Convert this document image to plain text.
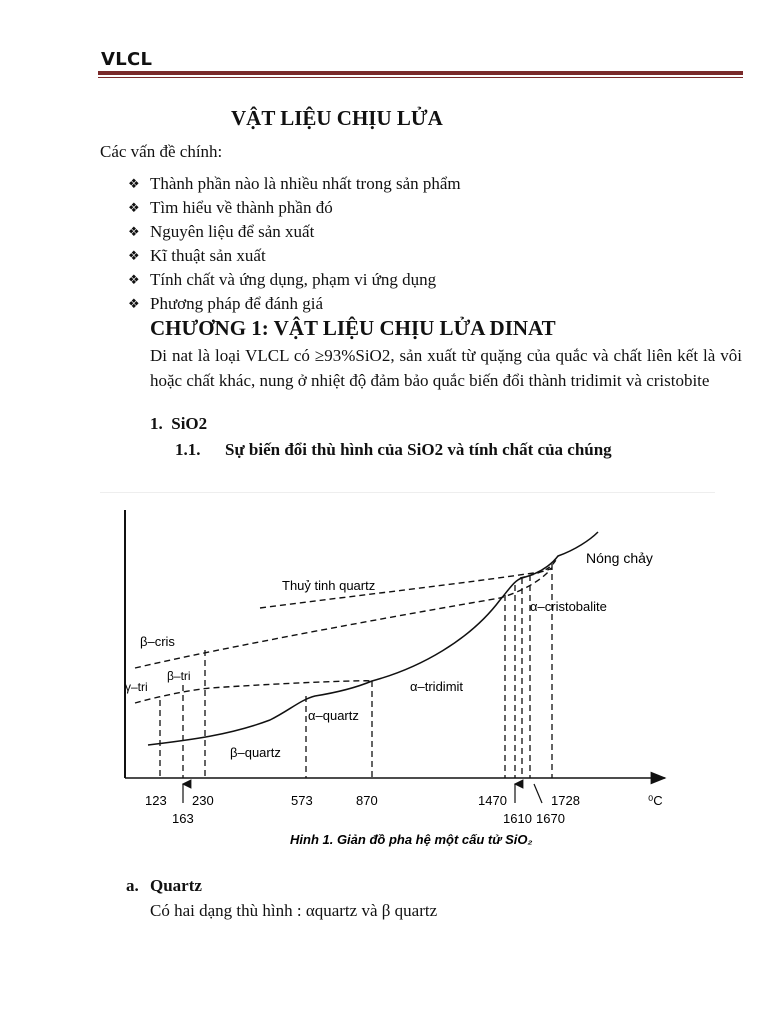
VLCL
VẬT LIỆU CHỊU LỬA
Các vấn đề chính:
❖ Thành phần nào là nhiều nhất trong sản phẩm
❖ Tìm hiểu về thành phần đó
❖ Nguyên liệu để sản xuất
❖ Kĩ thuật sản xuất
❖ Tính chất và ứng dụng, phạm vi ứng dụng
❖ Phương pháp để đánh giá
CHƯƠNG 1: VẬT LIỆU CHỊU LỬA DINAT

Di nat là loại VLCL có ≥93%SiO2, sản xuất từ quặng của quắc và chất liên kết là vôi hoặc chất khác, nung ở nhiệt độ đảm bảo quắc biến đổi thành tridimit và cristobite

1. SiO2
1.1. Sự biến đổi thù hình của SiO2 và tính chất của chúng
Nóng chảy
Thuỷ tinh quartz
α–cristobalite
β–cris
γ–tri
β–tri
α–tridimit
α–quartz
β–quartz
123
163
230	573	870	1470
1610 1670
1728	⁰C
Hinh 1. Giản đồ pha hệ một cấu tử SiO₂
a. Quartz
Có hai dạng thù hình : αquartz và β quartz
